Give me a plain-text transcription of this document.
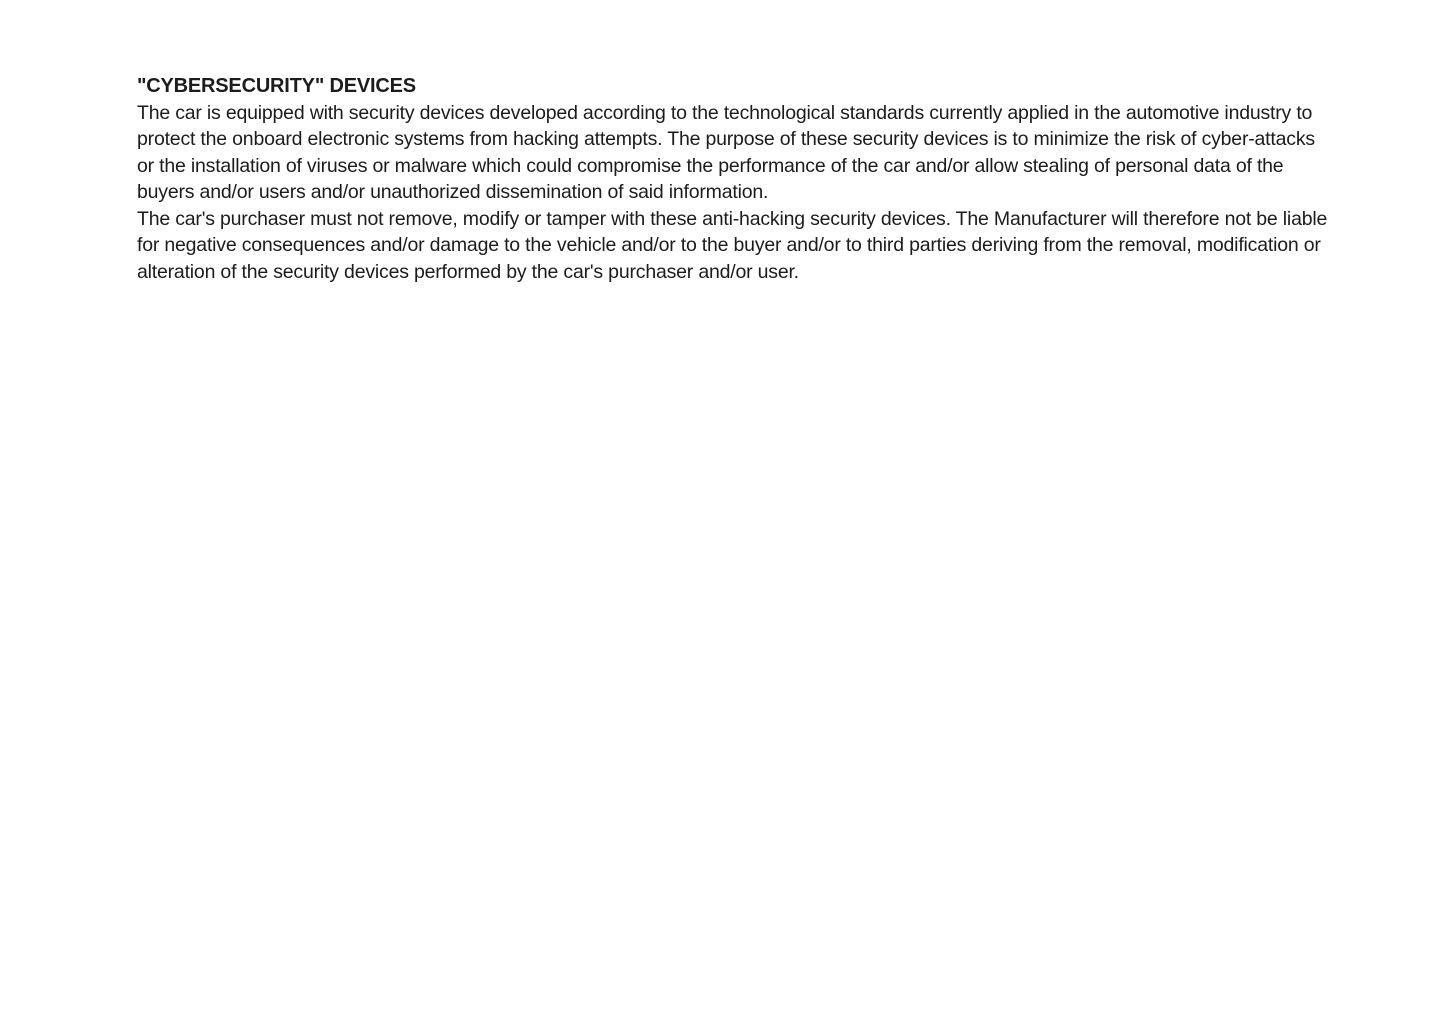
"CYBERSECURITY" DEVICES

The car is equipped with security devices developed according to the technological standards currently applied in the automotive industry to protect the onboard electronic systems from hacking attempts. The purpose of these security devices is to minimize the risk of cyber-attacks or the installation of viruses or malware which could compromise the performance of the car and/or allow stealing of personal data of the buyers and/or users and/or unauthorized dissemination of said information.

The car's purchaser must not remove, modify or tamper with these anti-hacking security devices. The Manufacturer will therefore not be liable for negative consequences and/or damage to the vehicle and/or to the buyer and/or to third parties deriving from the removal, modification or alteration of the security devices performed by the car's purchaser and/or user.
